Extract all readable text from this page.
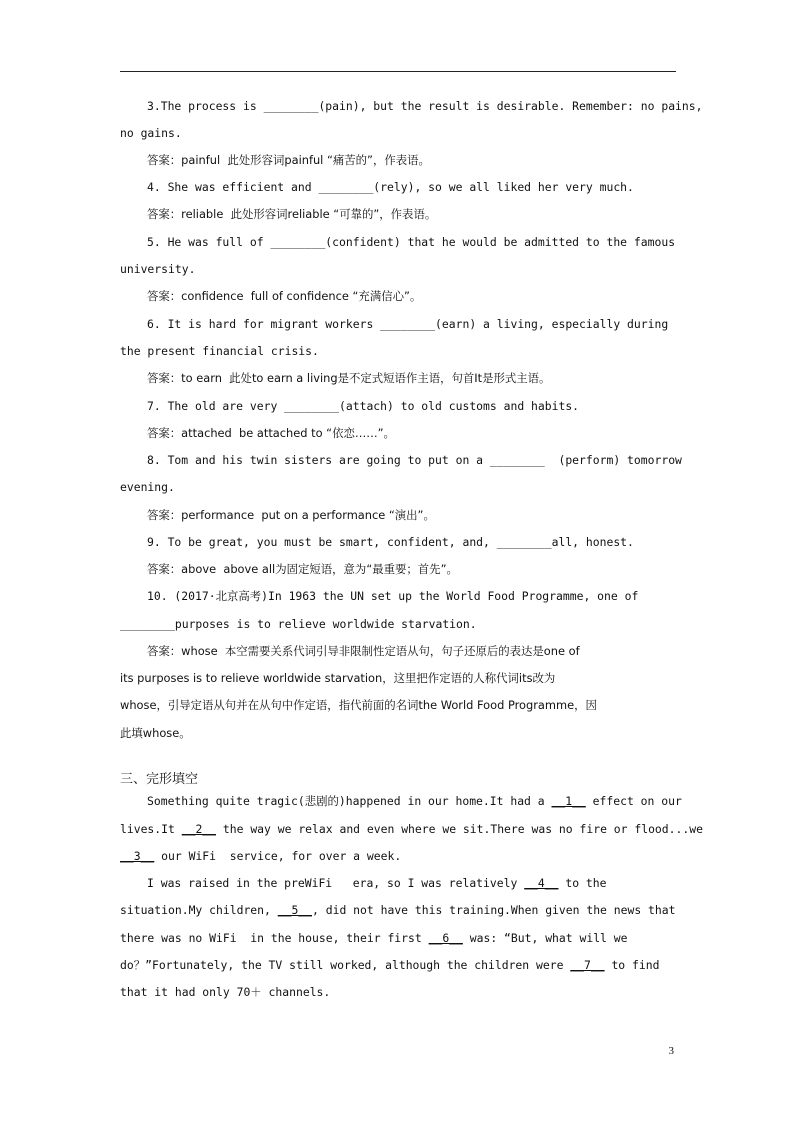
3.The process is ________(pain), but the result is desirable. Remember: no pains,
no gains.
答案：painful  此处形容词painful “痛苦的”，作表语。
4. She was efficient and ________(rely), so we all liked her very much.
答案：reliable  此处形容词reliable “可靠的”，作表语。
5. He was full of ________(confident) that he would be admitted to the famous
university.
答案：confidence  full of confidence “充满信心”。
6. It is hard for migrant workers ________(earn) a living, especially during
the present financial crisis.
答案：to earn  此处to earn a living是不定式短语作主语，句首It是形式主语。
7. The old are very ________(attach) to old customs and habits.
答案：attached  be attached to “依恋……”。
8. Tom and his twin sisters are going to put on a ________  (perform) tomorrow
evening.
答案：performance  put on a performance “演出”。
9. To be great, you must be smart, confident, and, ________all, honest.
答案：above  above all为固定短语，意为“最重要；首先”。
10. (2017·北京高考)In 1963 the UN set up the World Food Programme, one of
________purposes is to relieve worldwide starvation.
答案：whose  本空需要关系代词引导非限制性定语从句，句子还原后的表达是one of
its purposes is to relieve worldwide starvation，这里把作定语的人称代词its改为
whose，引导定语从句并在从句中作定语，指代前面的名词the World Food Programme，因
此填whose。
三、完形填空
Something quite tragic(悲剧的)happened in our home.It had a __1__ effect on our
lives.It __2__ the way we relax and even where we sit.There was no fire or flood...we
__3__ our WiFi  service, for over a week.
I was raised in the preWiFi   era, so I was relatively __4__ to the
situation.My children, __5__, did not have this training.When given the news that
there was no WiFi  in the house, their first __6__ was: “But, what will we
do？”Fortunately, the TV still worked, although the children were __7__ to find
that it had only 70＋ channels.
3
